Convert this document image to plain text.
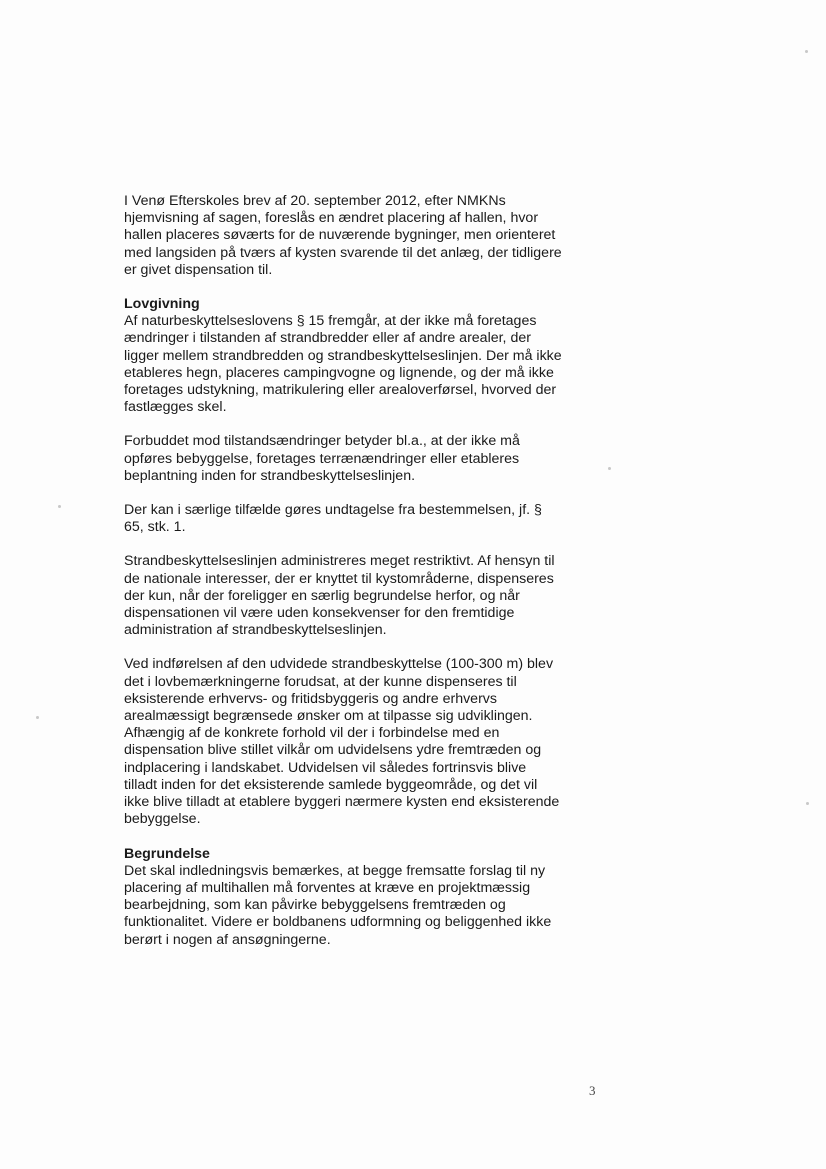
I Venø Efterskoles brev af 20. september 2012, efter NMKNs
hjemvisning af sagen, foreslås en ændret placering af hallen, hvor
hallen placeres søværts for de nuværende bygninger, men orienteret
med langsiden på tværs af kysten svarende til det anlæg, der tidligere
er givet dispensation til.

Lovgivning

Af naturbeskyttelseslovens § 15 fremgår, at der ikke må foretages
ændringer i tilstanden af strandbredder eller af andre arealer, der
ligger mellem strandbredden og strandbeskyttelseslinjen. Der må ikke
etableres hegn, placeres campingvogne og lignende, og der må ikke
foretages udstykning, matrikulering eller arealoverførsel, hvorved der
fastlægges skel.

Forbuddet mod tilstandsændringer betyder bl.a., at der ikke må
opføres bebyggelse, foretages terrænændringer eller etableres
beplantning inden for strandbeskyttelseslinjen.

Der kan i særlige tilfælde gøres undtagelse fra bestemmelsen, jf. §
65, stk. 1.

Strandbeskyttelseslinjen administreres meget restriktivt. Af hensyn til
de nationale interesser, der er knyttet til kystområderne, dispenseres
der kun, når der foreligger en særlig begrundelse herfor, og når
dispensationen vil være uden konsekvenser for den fremtidige
administration af strandbeskyttelseslinjen.

Ved indførelsen af den udvidede strandbeskyttelse (100-300 m) blev
det i lovbemærkningerne forudsat, at der kunne dispenseres til
eksisterende erhvervs- og fritidsbyggeris og andre erhvervs
arealmæssigt begrænsede ønsker om at tilpasse sig udviklingen.
Afhængig af de konkrete forhold vil der i forbindelse med en
dispensation blive stillet vilkår om udvidelsens ydre fremtræden og
indplacering i landskabet. Udvidelsen vil således fortrinsvis blive
tilladt inden for det eksisterende samlede byggeområde, og det vil
ikke blive tilladt at etablere byggeri nærmere kysten end eksisterende
bebyggelse.

Begrundelse

Det skal indledningsvis bemærkes, at begge fremsatte forslag til ny
placering af multihallen må forventes at kræve en projektmæssig
bearbejdning, som kan påvirke bebyggelsens fremtræden og
funktionalitet. Videre er boldbanens udformning og beliggenhed ikke
berørt i nogen af ansøgningerne.

3
